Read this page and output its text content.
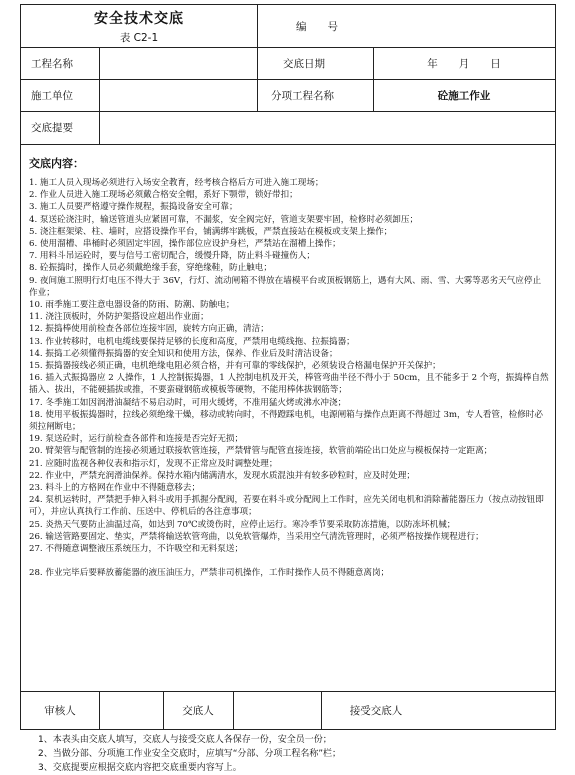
安全技术交底
表 C2-1
编　　号
工程名称	交底日期	年　　月　　日
施工单位	分项工程名称	砼施工作业
交底提要
交底内容：
1. 施工人员入现场必须进行入场安全教育，经考核合格后方可进入施工现场；
2. 作业人员进入施工现场必须戴合格安全帽，系好下颚带，锁好带扣；
3. 施工人员要严格遵守操作规程，振捣设备安全可靠；
4. 泵送砼浇注时，输送管道头应紧固可靠，不漏浆，安全阀完好，管道支架要牢固，检修时必须卸压；
5. 浇注框架梁、柱、墙时，应搭设操作平台，铺满绑牢跳板，严禁直接站在模板或支架上操作；
6. 使用溜槽、串桶时必须固定牢固，操作部位应设护身栏，严禁站在溜槽上操作；
7. 用料斗吊运砼时，要与信号工密切配合，缓慢升降，防止料斗碰撞伤人；
8. 砼振捣时，操作人员必须戴绝缘手套，穿绝缘鞋，防止触电；
9. 夜间施工照明行灯电压不得大于 36V，行灯、流动闸箱不得放在墙模平台或顶板钢筋上，遇有大风、雨、雪、大雾等恶劣天气应停止作业；
10. 雨季施工要注意电器设备的防雨、防潮、防触电；
11. 浇注顶板时，外防护架搭设应超出作业面；
12. 振捣棒使用前检查各部位连接牢固，旋转方向正确，清洁；
13. 作业转移时，电机电缆线要保持足够的长度和高度，严禁用电缆线拖、拉振捣器；
14. 振捣工必须懂得振捣器的安全知识和使用方法，保养、作业后及时清洁设备；
15. 振捣器接线必须正确，电机绝缘电阻必须合格，并有可靠的零线保护，必须装设合格漏电保护开关保护；
16. 插入式振捣器应 2 人操作，1 人控制振捣器，1 人控制电机及开关，棒管弯曲半径不得小于 50cm，且不能多于 2 个弯，振捣棒自然插入、拔出，不能硬插拔或推，不要蛮碰钢筋或模板等硬物，不能用棒体拔钢筋等；
17. 冬季施工如因润滑油凝结不易启动时，可用火缓烤，不准用猛火烤或沸水冲浇；
18. 使用平板振捣器时，拉线必须绝缘干燥，移动或转向时，不得蹬踩电机，电源闸箱与操作点距离不得超过 3m，专人看管，检修时必须拉闸断电；
19. 泵送砼时，运行前检查各部件和连接是否完好无损；
20. 臂架管与配管制的连接必须通过联接软管连接，严禁臂管与配管直接连接，软管前端砼出口处应与模板保持一定距离；
21. 应随时监视各种仪表和指示灯，发现不正常应及时调整处理；
22. 作业中，严禁充润滑油保养。保持水箱内储满清水，发现水质混浊并有较多砂粒时，应及时处理；
23. 料斗上的方格网在作业中不得随意移去；
24. 泵机运转时，严禁把手伸入料斗或用手抓握分配阀，若要在料斗或分配阀上工作时，应先关闭电机和消除蓄能器压力（按点动按钮即可），并应认真执行工作前、压送中、停机后的各注意事项；
25. 炎热天气要防止油温过高，如达到 70℃或烫伤时，应停止运行。寒冷季节要采取防冻措施，以防冻坏机械；
26. 输送管路要固定、垫实，严禁将输送软管弯曲，以免软管爆炸，当采用空气清洗管理时，必须严格按操作规程进行；
27. 不得随意调整液压系统压力，不许吸空和无料泵送；
28. 作业完毕后要释放蓄能器的液压油压力，严禁非司机操作，工作时操作人员不得随意离岗；
审核人	交底人	接受交底人
1、本表头由交底人填写，交底人与接受交底人各保存一份，安全员一份；
2、当做分部、分项施工作业安全交底时，应填写“分部、分项工程名称”栏；
3、交底提要应根据交底内容把交底重要内容写上。
